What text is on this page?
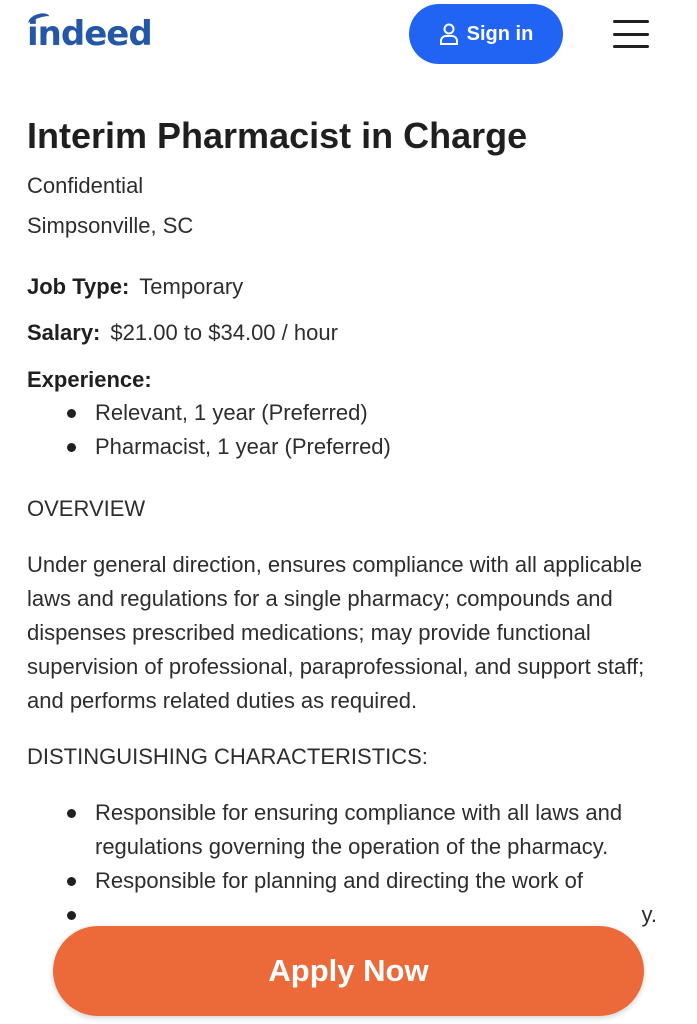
indeed	Sign in
Interim Pharmacist in Charge
Confidential
Simpsonville, SC
Job Type: Temporary
Salary: $21.00 to $34.00 / hour
Experience:
Relevant, 1 year (Preferred)
Pharmacist, 1 year (Preferred)
OVERVIEW

Under general direction, ensures compliance with all applicable laws and regulations for a single pharmacy; compounds and dispenses prescribed medications; may provide functional supervision of professional, paraprofessional, and support staff; and performs related duties as required.

DISTINGUISHING CHARACTERISTICS:
Responsible for ensuring compliance with all laws and regulations governing the operation of the pharmacy.
Responsible for planning and directing the work of
y.
Apply Now
